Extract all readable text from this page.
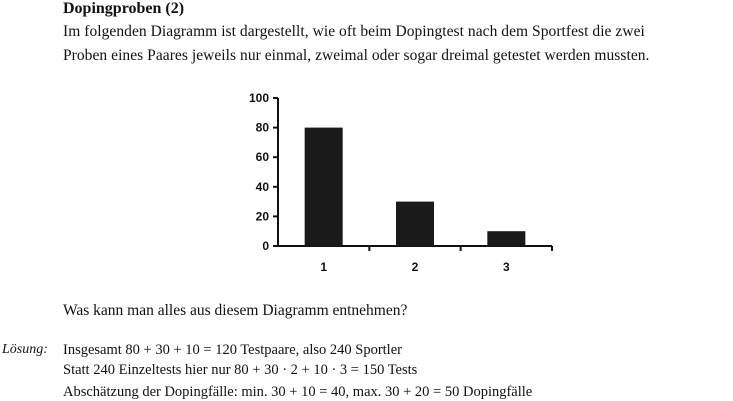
Dopingproben (2)
Im folgenden Diagramm ist dargestellt, wie oft beim Dopingtest nach dem Sportfest die zwei
Proben eines Paares jeweils nur einmal, zweimal oder sogar dreimal getestet werden mussten.
0
20
40
60
80
100
1	2	3
Was kann man alles aus diesem Diagramm entnehmen?
Lösung: Insgesamt 80 + 30 + 10 = 120 Testpaare, also 240 Sportler
Statt 240 Einzeltests hier nur 80 + 30 · 2 + 10 · 3 = 150 Tests
Abschätzung der Dopingfälle: min. 30 + 10 = 40, max. 30 + 20 = 50 Dopingfälle
